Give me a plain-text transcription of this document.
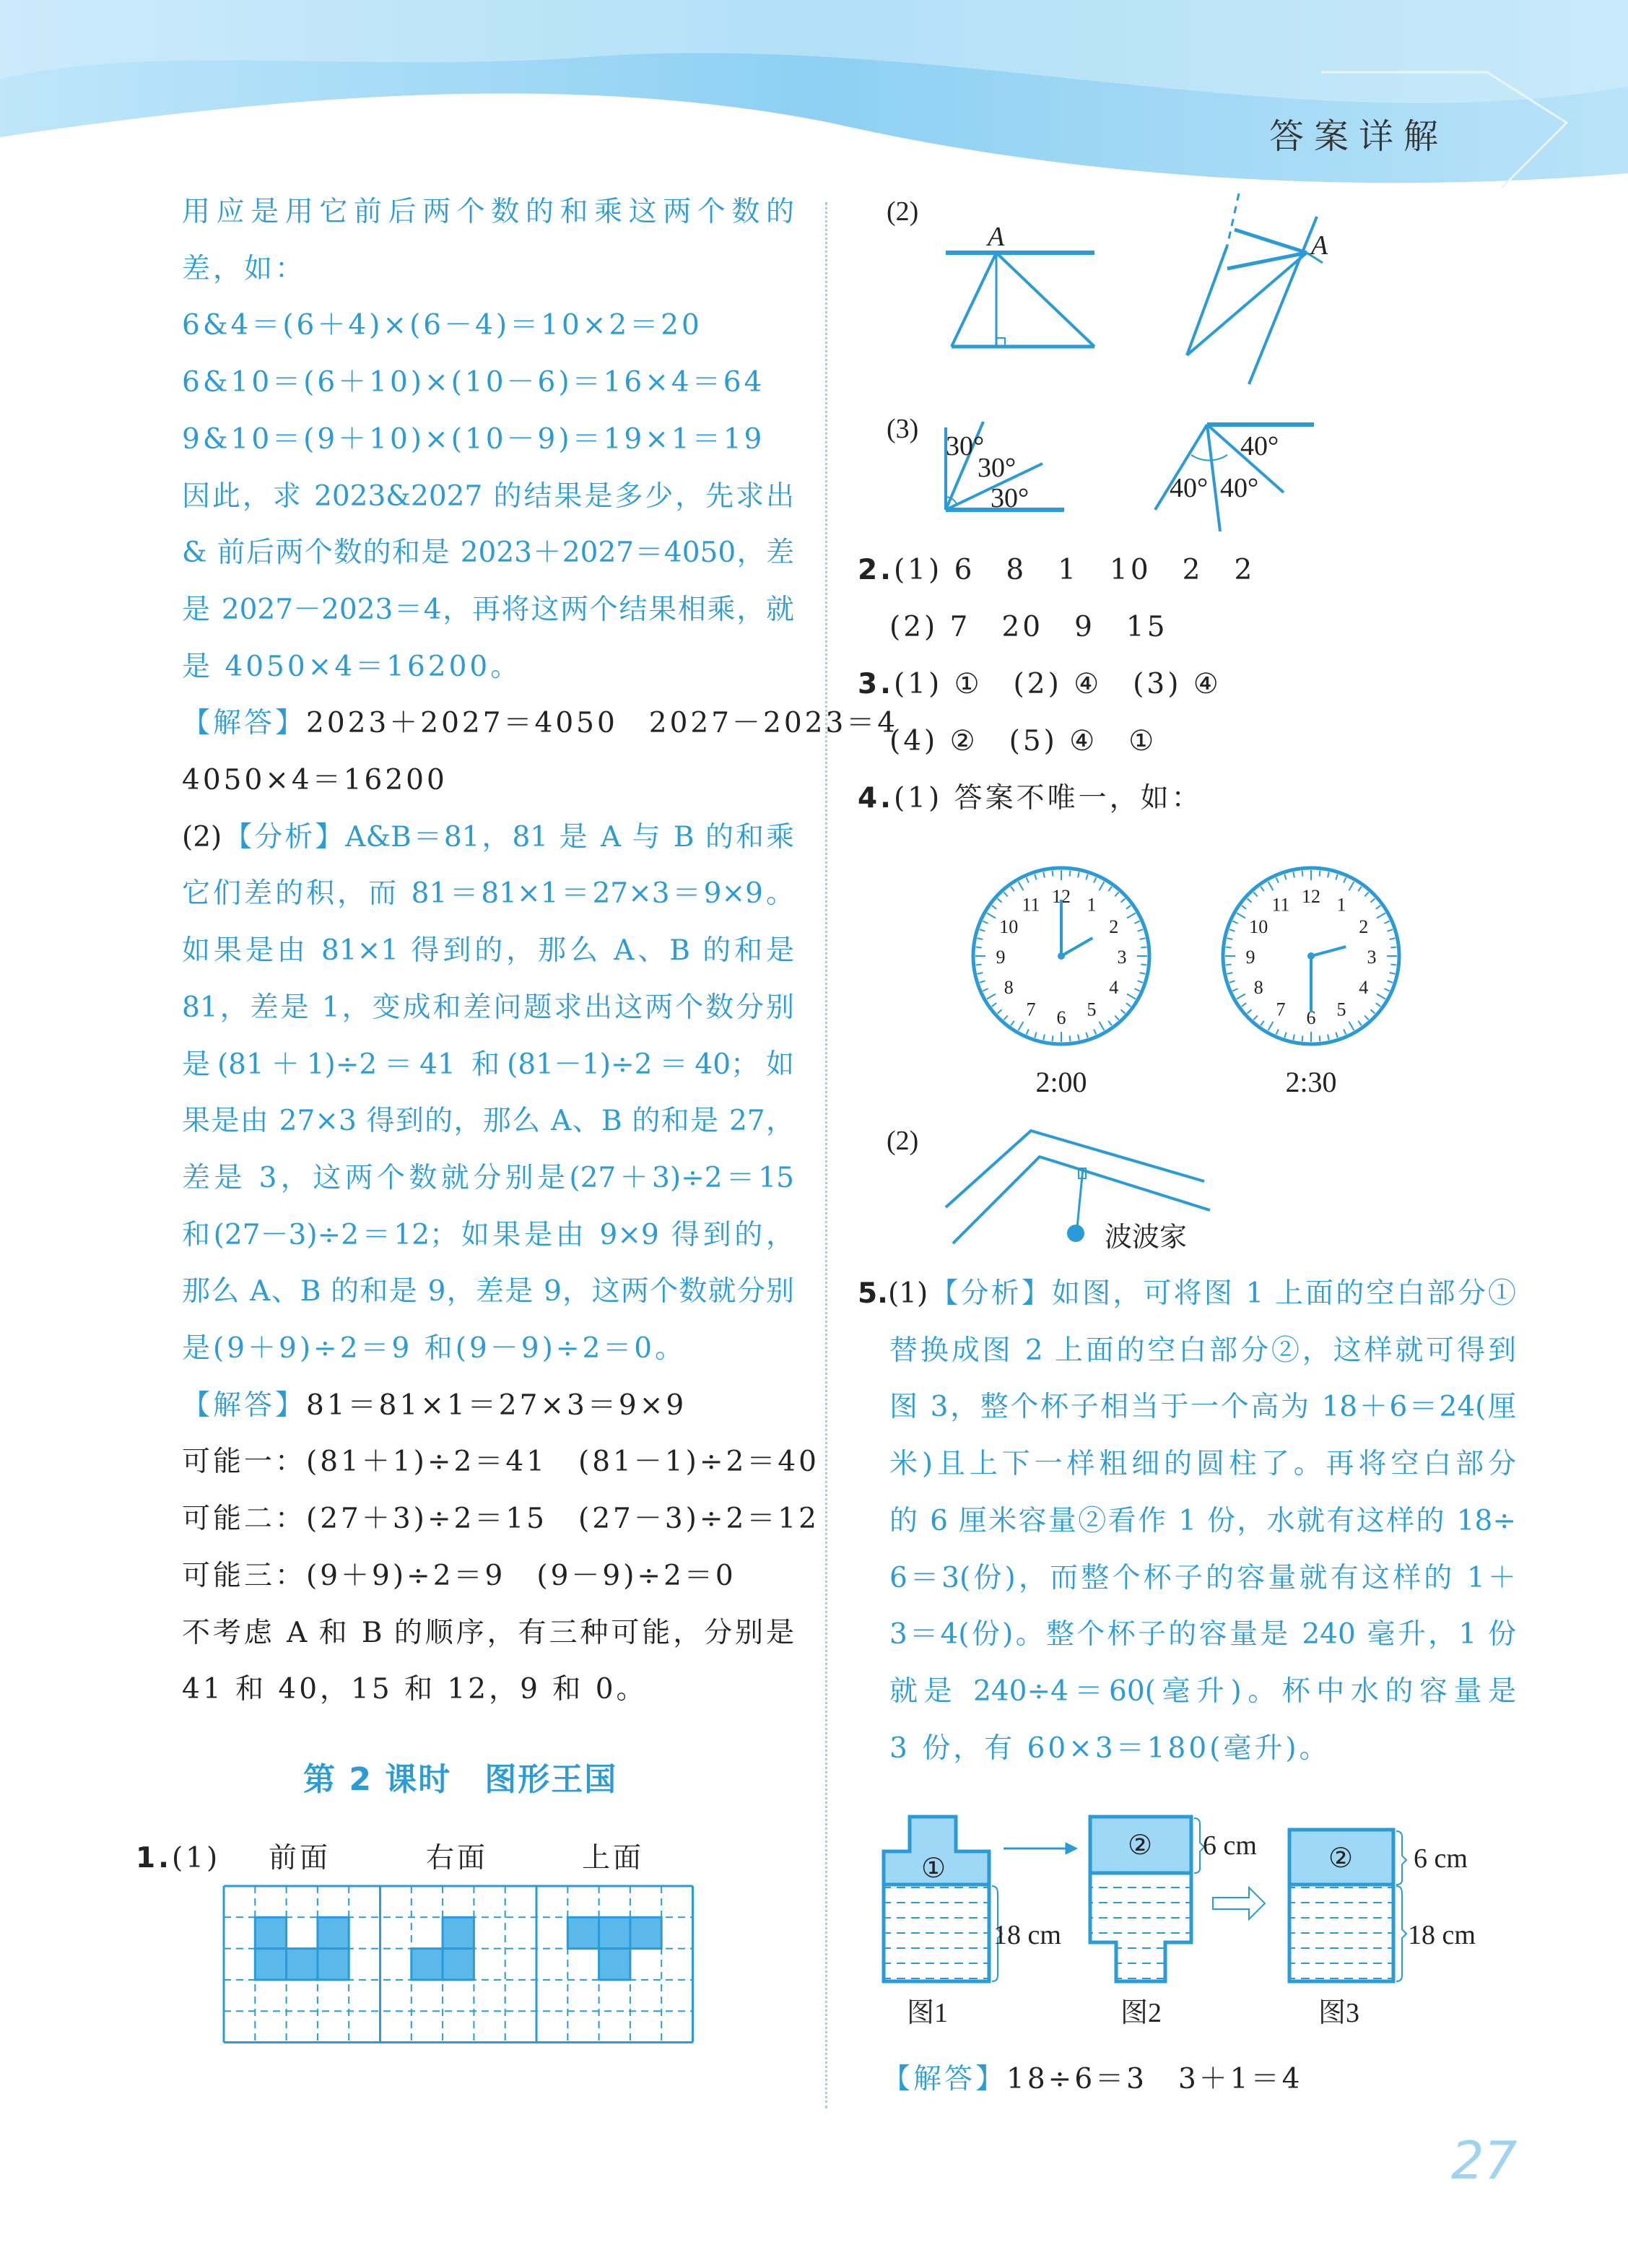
答案详解
用应是用它前后两个数的和乘这两个数的
差，如：
6&4＝(6＋4)×(6－4)＝10×2＝20
6&10＝(6＋10)×(10－6)＝16×4＝64
9&10＝(9＋10)×(10－9)＝19×1＝19
因此，求 2023&2027 的结果是多少，先求出
& 前后两个数的和是 2023＋2027＝4050，差
是 2027－2023＝4，再将这两个结果相乘，就
是 4050×4＝16200。
【解答】2023＋2027＝4050　2027－2023＝4
4050×4＝16200
(2)【分析】A&B＝81，81 是 A 与 B 的和乘
它们差的积，而 81＝81×1＝27×3＝9×9。
如果是由 81×1 得到的，那么 A、B 的和是
81，差是 1，变成和差问题求出这两个数分别
是(81＋1)÷2＝41 和(81－1)÷2＝40；如
果是由 27×3 得到的，那么 A、B 的和是 27，
差是 3，这两个数就分别是(27＋3)÷2＝15
和(27－3)÷2＝12；如果是由 9×9 得到的，
那么 A、B 的和是 9，差是 9，这两个数就分别
是(9＋9)÷2＝9 和(9－9)÷2＝0。
【解答】81＝81×1＝27×3＝9×9
可能一：(81＋1)÷2＝41　(81－1)÷2＝40
可能二：(27＋3)÷2＝15　(27－3)÷2＝12
可能三：(9＋9)÷2＝9　(9－9)÷2＝0
不考虑 A 和 B 的顺序，有三种可能，分别是
41 和 40，15 和 12，9 和 0。
第 2 课时　图形王国
1.(1) 前面	右面	上面
2.(1) 6　8　1　10　2　2
(2) 7　20　9　15
3.(1) ①　(2) ④　(3) ④
(4) ②　(5) ④　①
4.(1) 答案不唯一，如：
5.(1)【分析】如图，可将图 1 上面的空白部分①
替换成图 2 上面的空白部分②，这样就可得到
图 3，整个杯子相当于一个高为 18＋6＝24(厘
米)且上下一样粗细的圆柱了。再将空白部分
的 6 厘米容量②看作 1 份，水就有这样的 18÷
6＝3(份)，而整个杯子的容量就有这样的 1＋
3＝4(份)。整个杯子的容量是 240 毫升，1 份
就是 240÷4＝60(毫升)。杯中水的容量是
3 份，有 60×3＝180(毫升)。
(2)
A	A
(3)
30°
30°
30°
40°
40° 40°
12 1
2
3
4
5
6
7
8
9
10
11
2:00
12 1
2
3
4
5
6
7
8
9
10
11
2:30
(2)
波波家
①
②	②
6 cm
18 cm
6 cm
18 cm
图1	图2	图3
【解答】18÷6＝3　3＋1＝4
27
